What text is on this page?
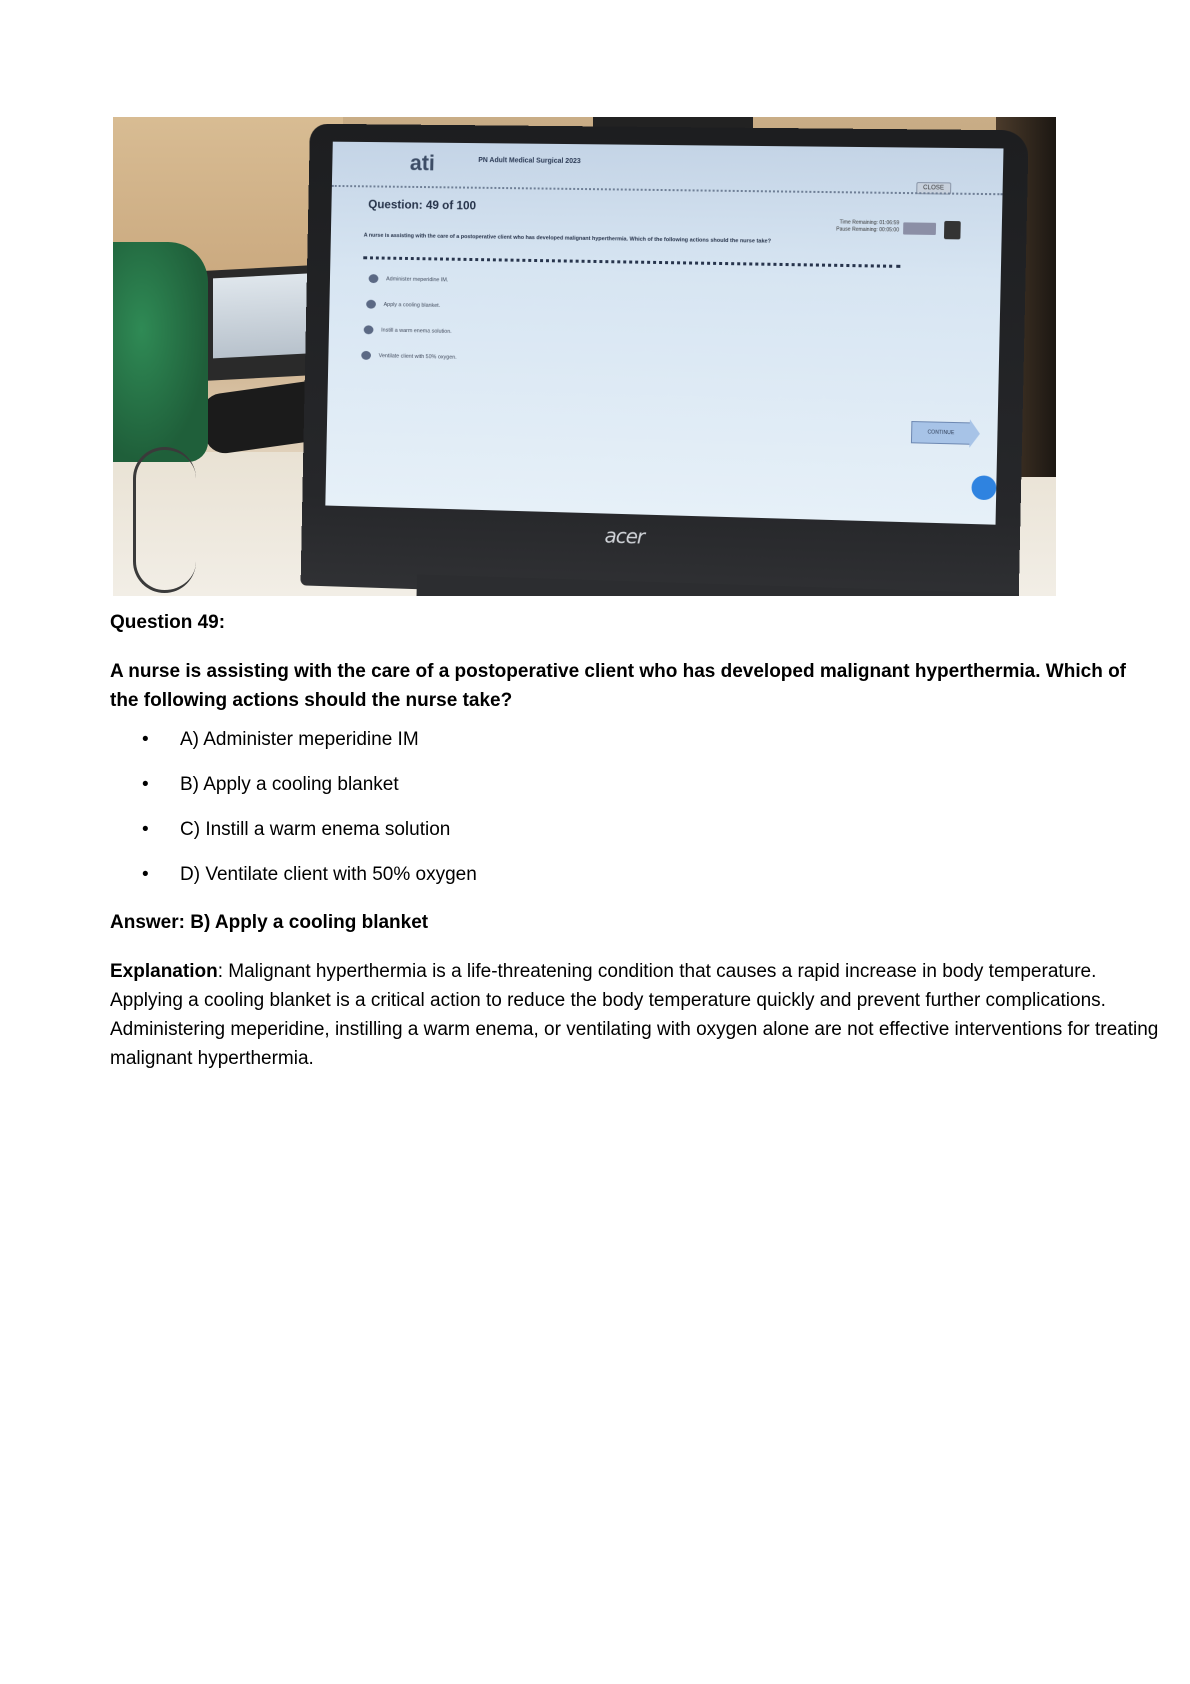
ati	PN Adult Medical Surgical 2023
CLOSE
Question: 49 of 100
Time Remaining: 01:06:59
Pause Remaining: 00:05:00
A nurse is assisting with the care of a postoperative client who has developed malignant hyperthermia. Which of the following actions should the nurse take?
Administer meperidine IM.
Apply a cooling blanket.
Instill a warm enema solution.
Ventilate client with 50% oxygen.
CONTINUE
acer

Question 49:

A nurse is assisting with the care of a postoperative client who has developed malignant hyperthermia. Which of the following actions should the nurse take?

• A) Administer meperidine IM
• B) Apply a cooling blanket
• C) Instill a warm enema solution
• D) Ventilate client with 50% oxygen

Answer: B) Apply a cooling blanket

Explanation: Malignant hyperthermia is a life-threatening condition that causes a rapid increase in body temperature. Applying a cooling blanket is a critical action to reduce the body temperature quickly and prevent further complications. Administering meperidine, instilling a warm enema, or ventilating with oxygen alone are not effective interventions for treating malignant hyperthermia.
